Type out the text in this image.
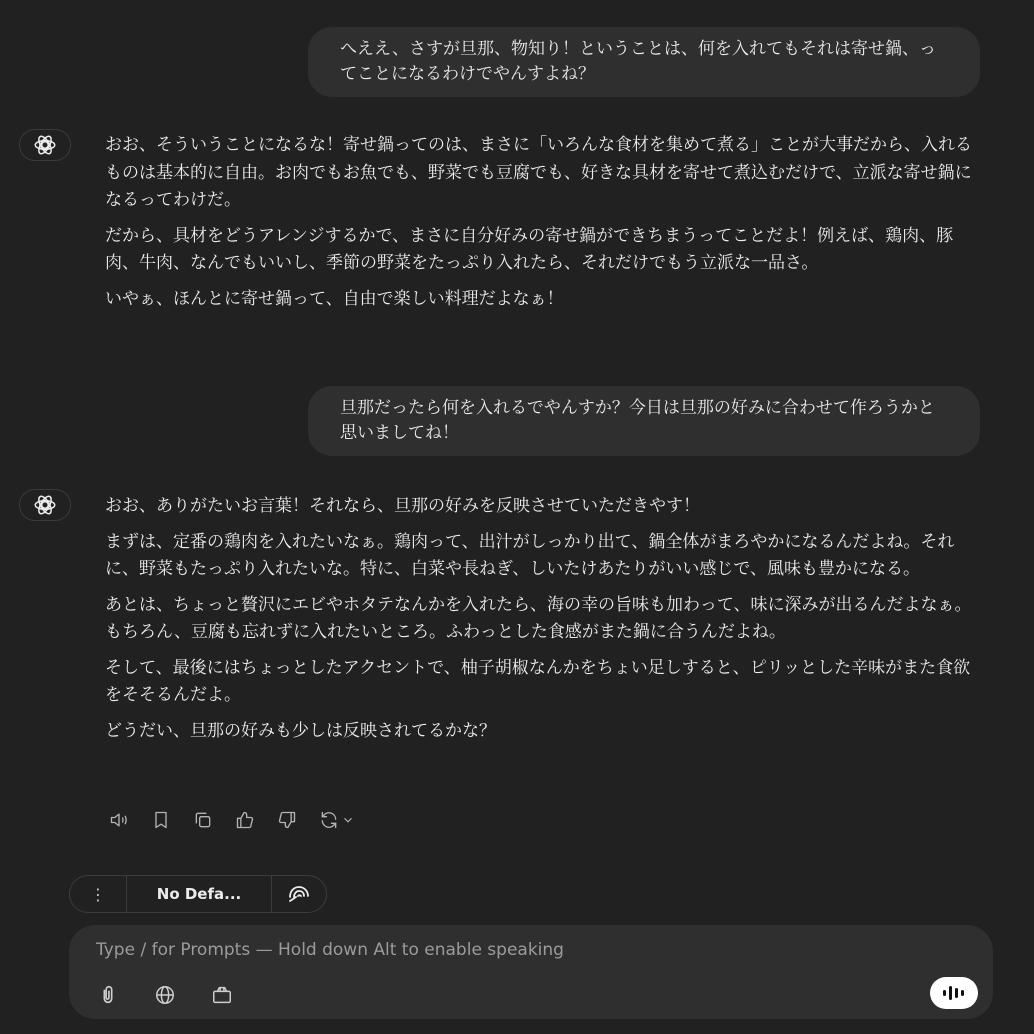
へええ、さすが旦那、物知り！ということは、何を入れてもそれは寄せ鍋、ってことになるわけでやんすよね？

おお、そういうことになるな！寄せ鍋ってのは、まさに「いろんな食材を集めて煮る」ことが大事だから、入れるものは基本的に自由。お肉でもお魚でも、野菜でも豆腐でも、好きな具材を寄せて煮込むだけで、立派な寄せ鍋になるってわけだ。

だから、具材をどうアレンジするかで、まさに自分好みの寄せ鍋ができちまうってことだよ！例えば、鶏肉、豚肉、牛肉、なんでもいいし、季節の野菜をたっぷり入れたら、それだけでもう立派な一品さ。

いやぁ、ほんとに寄せ鍋って、自由で楽しい料理だよなぁ！

旦那だったら何を入れるでやんすか？今日は旦那の好みに合わせて作ろうかと思いましてね！

おお、ありがたいお言葉！それなら、旦那の好みを反映させていただきやす！

まずは、定番の鶏肉を入れたいなぁ。鶏肉って、出汁がしっかり出て、鍋全体がまろやかになるんだよね。それに、野菜もたっぷり入れたいな。特に、白菜や長ねぎ、しいたけあたりがいい感じで、風味も豊かになる。

あとは、ちょっと贅沢にエビやホタテなんかを入れたら、海の幸の旨味も加わって、味に深みが出るんだよなぁ。もちろん、豆腐も忘れずに入れたいところ。ふわっとした食感がまた鍋に合うんだよね。

そして、最後にはちょっとしたアクセントで、柚子胡椒なんかをちょい足しすると、ピリッとした辛味がまた食欲をそそるんだよ。

どうだい、旦那の好みも少しは反映されてるかな？

⋮	No Defa...
Type / for Prompts — Hold down Alt to enable speaking
